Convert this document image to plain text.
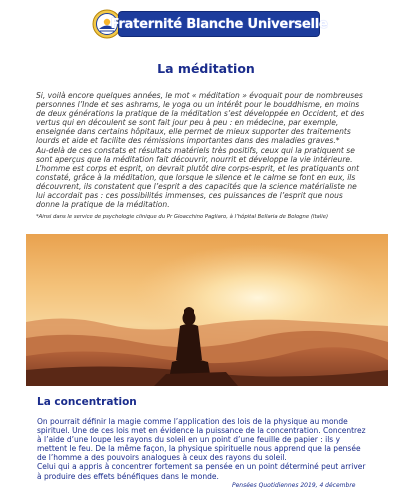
Fraternité Blanche Universelle
La méditation

Si, voilà encore quelques années, le mot « méditation » évoquait pour de nombreuses

personnes l’Inde et ses ashrams, le yoga ou un intérêt pour le bouddhisme, en moins

de deux générations la pratique de la méditation s’est développée en Occident, et des

vertus qui en découlent se sont fait jour peu à peu : en médecine, par exemple,

enseignée dans certains hôpitaux, elle permet de mieux supporter des traitements

lourds et aide et facilite des rémissions importantes dans des maladies graves.*

Au-delà de ces constats et résultats matériels très positifs, ceux qui la pratiquent se

sont aperçus que la méditation fait découvrir, nourrit et développe la vie intérieure.

L’homme est corps et esprit, on devrait plutôt dire corps-esprit, et les pratiquants ont

constaté, grâce à la méditation, que lorsque le silence et le calme se font en eux, ils

découvrent, ils constatent que l’esprit a des capacités que la science matérialiste ne

lui accordait pas : ces possibilités immenses, ces puissances de l’esprit que nous

donne la pratique de la méditation.

*Ainsi dans le service de psychologie clinique du Pr Gioacchino Pagliaro, à l’hôpital Bellaria de Bologne (Italie)
La concentration

On pourrait définir la magie comme l’application des lois de la physique au monde

spirituel. Une de ces lois met en évidence la puissance de la concentration. Concentrez

à l’aide d’une loupe les rayons du soleil en un point d’une feuille de papier : ils y

mettent le feu. De la même façon, la physique spirituelle nous apprend que la pensée

de l’homme a des pouvoirs analogues à ceux des rayons du soleil.

Celui qui a appris à concentrer fortement sa pensée en un point déterminé peut arriver

à produire des effets bénéfiques dans le monde.

Pensées Quotidiennes 2019, 4 décembre
